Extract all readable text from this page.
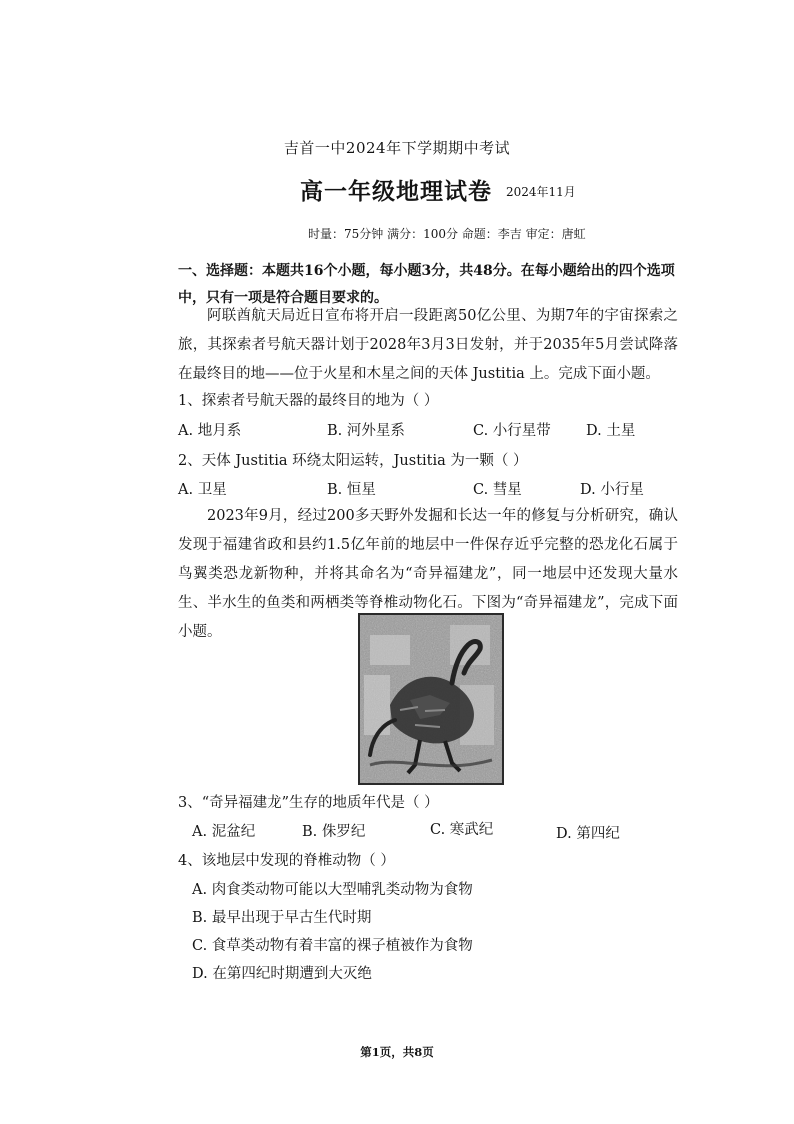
吉首一中2024年下学期期中考试
高一年级地理试卷 2024年11月
时量：75分钟 满分：100分 命题：李吉 审定：唐虹
一、选择题：本题共16个小题，每小题3分，共48分。在每小题给出的四个选项中，只有一项是符合题目要求的。
阿联酋航天局近日宣布将开启一段距离50亿公里、为期7年的宇宙探索之旅，其探索者号航天器计划于2028年3月3日发射，并于2035年5月尝试降落在最终目的地——位于火星和木星之间的天体 Justitia 上。完成下面小题。
1、探索者号航天器的最终目的地为（ ）
A. 地月系	B. 河外星系	C. 小行星带 D. 土星
2、天体 Justitia 环绕太阳运转，Justitia 为一颗（ ）
A. 卫星	B. 恒星	C. 彗星	D. 小行星
2023年9月，经过200多天野外发掘和长达一年的修复与分析研究，确认发现于福建省政和县约1.5亿年前的地层中一件保存近乎完整的恐龙化石属于鸟翼类恐龙新物种，并将其命名为“奇异福建龙”，同一地层中还发现大量水生、半水生的鱼类和两栖类等脊椎动物化石。下图为“奇异福建龙”，完成下面小题。
3、“奇异福建龙”生存的地质年代是（ ）
A. 泥盆纪	B. 侏罗纪	C. 寒武纪	D. 第四纪
4、该地层中发现的脊椎动物（ ）
A. 肉食类动物可能以大型哺乳类动物为食物
B. 最早出现于早古生代时期
C. 食草类动物有着丰富的裸子植被作为食物
D. 在第四纪时期遭到大灭绝
第1页，共8页
